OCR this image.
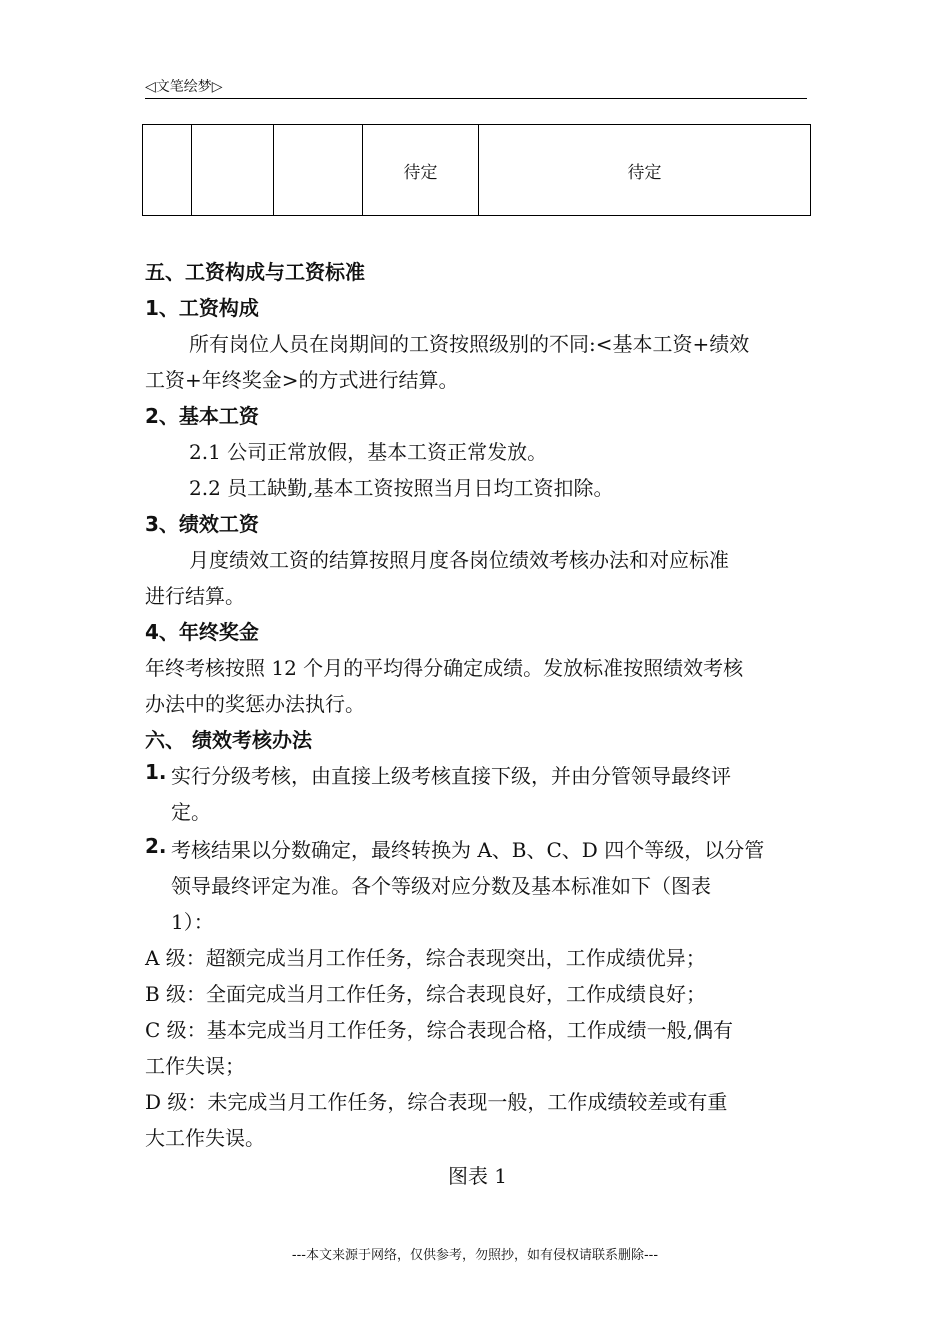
◁文笔绘梦▷
			待定	待定
五、工资构成与工资标准
1、工资构成
所有岗位人员在岗期间的工资按照级别的不同:<基本工资+绩效
工资+年终奖金>的方式进行结算。
2、基本工资
2.1 公司正常放假，基本工资正常发放。
2.2 员工缺勤,基本工资按照当月日均工资扣除。
3、绩效工资
月度绩效工资的结算按照月度各岗位绩效考核办法和对应标准
进行结算。
4、年终奖金
年终考核按照 12 个月的平均得分确定成绩。发放标准按照绩效考核
办法中的奖惩办法执行。
六、 绩效考核办法
1. 实行分级考核，由直接上级考核直接下级，并由分管领导最终评
定。
2. 考核结果以分数确定，最终转换为 A、B、C、D 四个等级，以分管
领导最终评定为准。各个等级对应分数及基本标准如下（图表
1）：
A 级：超额完成当月工作任务，综合表现突出，工作成绩优异；
B 级：全面完成当月工作任务，综合表现良好，工作成绩良好；
C 级：基本完成当月工作任务，综合表现合格，工作成绩一般,偶有
工作失误；
D 级：未完成当月工作任务，综合表现一般，工作成绩较差或有重
大工作失误。
图表 1
---本文来源于网络，仅供参考，勿照抄，如有侵权请联系删除---
